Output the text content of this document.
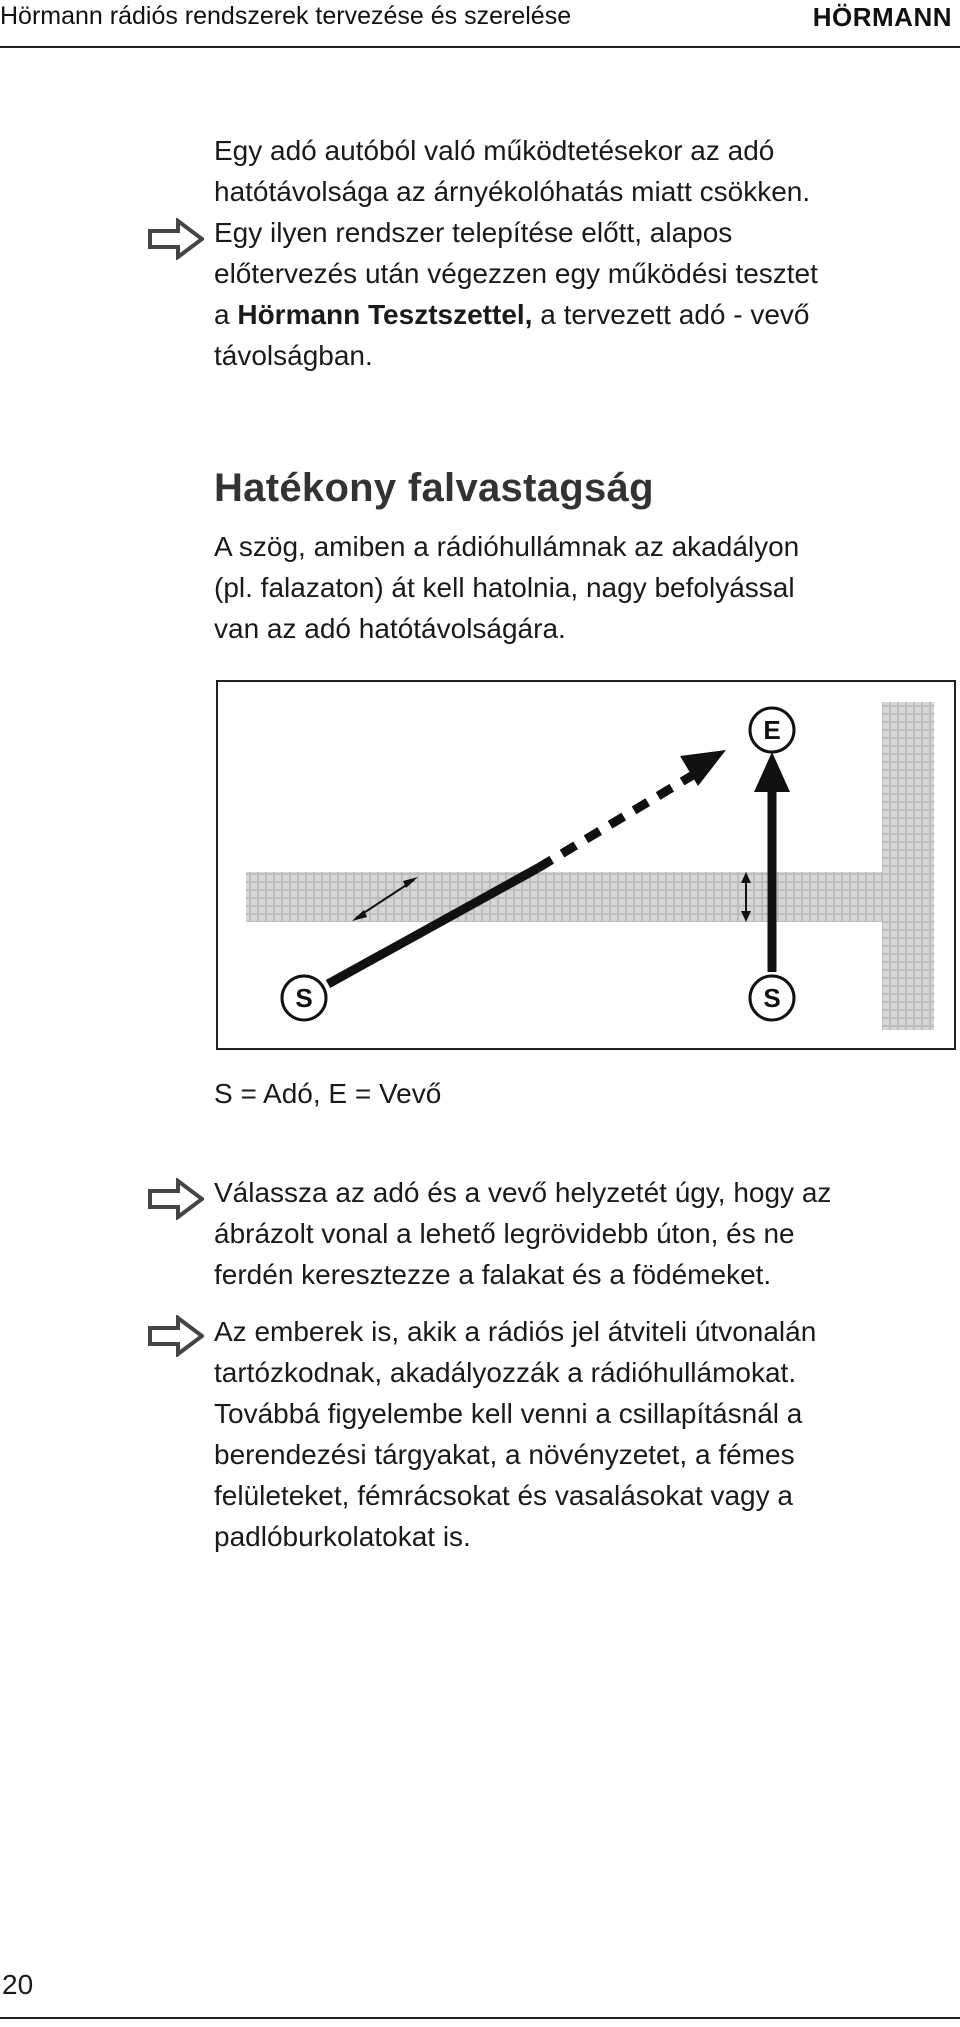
Hörmann rádiós rendszerek tervezése és szerelése	HÖRMANN
Egy adó autóból való működtetésekor az adó
hatótávolsága az árnyékolóhatás miatt csökken.
Egy ilyen rendszer telepítése előtt, alapos
előtervezés után végezzen egy működési tesztet
a Hörmann Tesztszettel, a tervezett adó - vevő
távolságban.
Hatékony falvastagság
A szög, amiben a rádióhullámnak az akadályon
(pl. falazaton) át kell hatolnia, nagy befolyással
van az adó hatótávolságára.
E
S	S
S = Adó, E = Vevő
Válassza az adó és a vevő helyzetét úgy, hogy az
ábrázolt vonal a lehető legrövidebb úton, és ne
ferdén keresztezze a falakat és a födémeket.
Az emberek is, akik a rádiós jel átviteli útvonalán
tartózkodnak, akadályozzák a rádióhullámokat.
Továbbá figyelembe kell venni a csillapításnál a
berendezési tárgyakat, a növényzetet, a fémes
felületeket, fémrácsokat és vasalásokat vagy a
padlóburkolatokat is.
20
